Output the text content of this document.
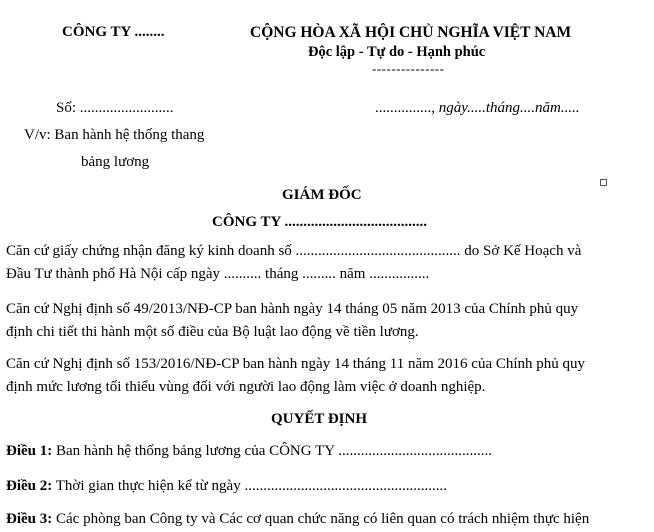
CÔNG TY ........	CỘNG HÒA XÃ HỘI CHỦ NGHĨA VIỆT NAM
Độc lập - Tự do - Hạnh phúc
---------------
Số: .........................	..............., ngày.....tháng....năm.....
V/v: Ban hành hệ thống thang
bảng lương
GIÁM ĐỐC
CÔNG TY ......................................
Căn cứ giấy chứng nhận đăng ký kinh doanh số ............................................ do Sở Kế Hoạch và
Đầu Tư thành phố Hà Nội cấp ngày .......... tháng ......... năm ................
Căn cứ Nghị định số 49/2013/NĐ-CP ban hành ngày 14 tháng 05 năm 2013 của Chính phủ quy
định chi tiết thi hành một số điều của Bộ luật lao động về tiền lương.
Căn cứ Nghị định số 153/2016/NĐ-CP ban hành ngày 14 tháng 11 năm 2016 của Chính phủ quy
định mức lương tối thiểu vùng đối với người lao động làm việc ở doanh nghiệp.
QUYẾT ĐỊNH
Điều 1: Ban hành hệ thống bảng lương của CÔNG TY .........................................
Điều 2: Thời gian thực hiện kể từ ngày ......................................................
Điều 3: Các phòng ban Công ty và Các cơ quan chức năng có liên quan có trách nhiệm thực hiện
